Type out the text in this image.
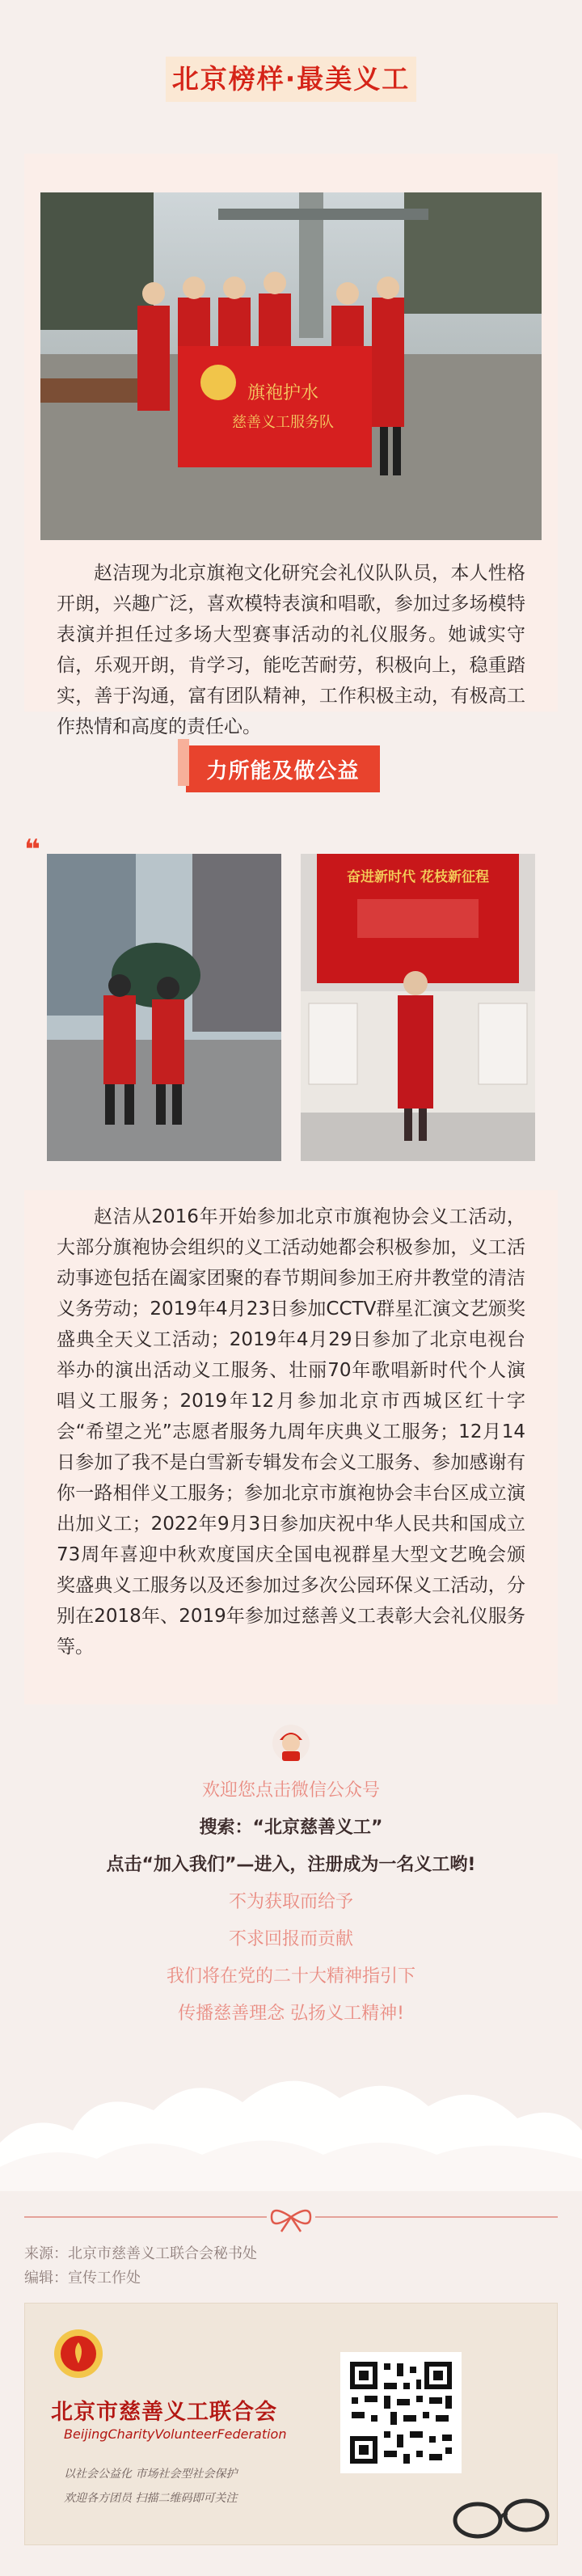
北京榜样·最美义工
旗袍护水
慈善义工服务队

赵洁现为北京旗袍文化研究会礼仪队队员，本人性格开朗，兴趣广泛，喜欢模特表演和唱歌，参加过多场模特表演并担任过多场大型赛事活动的礼仪服务。她诚实守信，乐观开朗，肯学习，能吃苦耐劳，积极向上，稳重踏实，善于沟通，富有团队精神，工作积极主动，有极高工作热情和高度的责任心。

力所能及做公益
❝
奋进新时代 花枝新征程

赵洁从2016年开始参加北京市旗袍协会义工活动，大部分旗袍协会组织的义工活动她都会积极参加，义工活动事迹包括在阖家团聚的春节期间参加王府井教堂的清洁义务劳动；2019年4月23日参加CCTV群星汇演文艺颁奖盛典全天义工活动；2019年4月29日参加了北京电视台举办的演出活动义工服务、壮丽70年歌唱新时代个人演唱义工服务；2019年12月参加北京市西城区红十字会“希望之光”志愿者服务九周年庆典义工服务；12月14日参加了我不是白雪新专辑发布会义工服务、参加感谢有你一路相伴义工服务；参加北京市旗袍协会丰台区成立演出加义工；2022年9月3日参加庆祝中华人民共和国成立73周年喜迎中秋欢度国庆全国电视群星大型文艺晚会颁奖盛典义工服务以及还参加过多次公园环保义工活动，分别在2018年、2019年参加过慈善义工表彰大会礼仪服务等。

欢迎您点击微信公众号
搜索：“北京慈善义工”
点击“加入我们”—进入，注册成为一名义工哟!
不为获取而给予
不求回报而贡献
我们将在党的二十大精神指引下
传播慈善理念 弘扬义工精神!
来源：北京市慈善义工联合会秘书处
编辑：宣传工作处
北京市慈善义工联合会
BeijingCharityVolunteerFederation
以社会公益化 市场社会型社会保护
欢迎各方团员 扫描二维码即可关注
